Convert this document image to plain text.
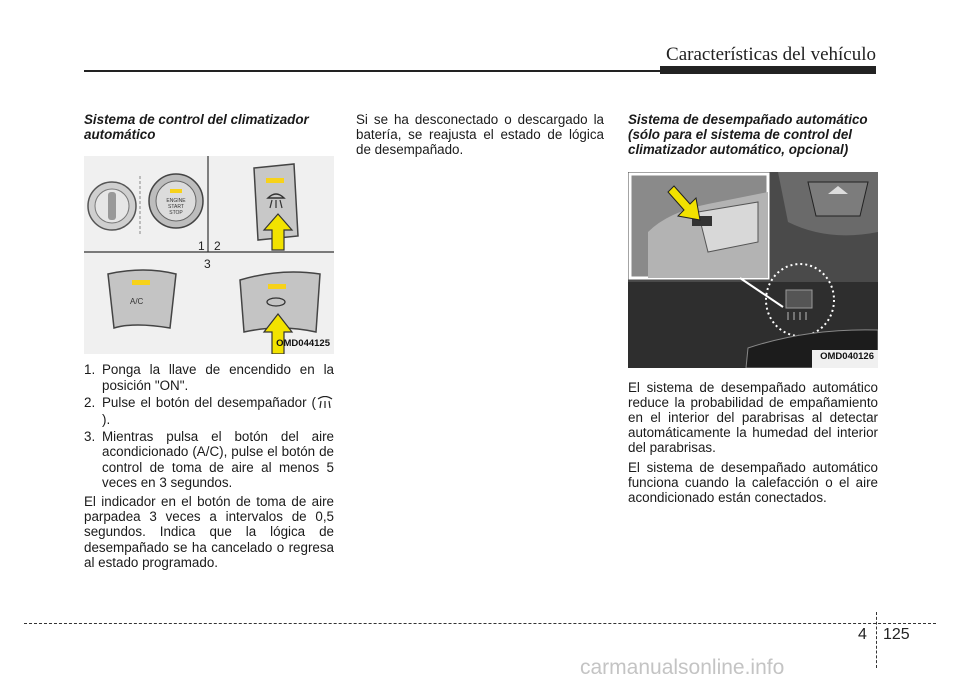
Características del vehículo
Sistema de control del climatizador automático
ENGINE
START
STOP
1 2
3
A/C
OMD044125
1. Ponga la llave de encendido en la posición "ON".
2. Pulse el botón del desempañador ().
3. Mientras pulsa el botón del aire acondicionado (A/C), pulse el botón de control de toma de aire al menos 5 veces en 3 segundos.
El indicador en el botón de toma de aire parpadea 3 veces a intervalos de 0,5 segundos. Indica que la lógica de desempañado se ha cancelado o regresa al estado programado.
Si se ha desconectado o descargado la batería, se reajusta el estado de lógica de desempañado.
Sistema de desempañado automático (sólo para el sistema de control del climatizador automático, opcional)
OMD040126
El sistema de desempañado automático reduce la probabilidad de empañamiento en el interior del parabrisas al detectar automáticamente la humedad del interior del parabrisas.
El sistema de desempañado automático funciona cuando la calefacción o el aire acondicionado están conectados.
4 125
carmanualsonline.info
